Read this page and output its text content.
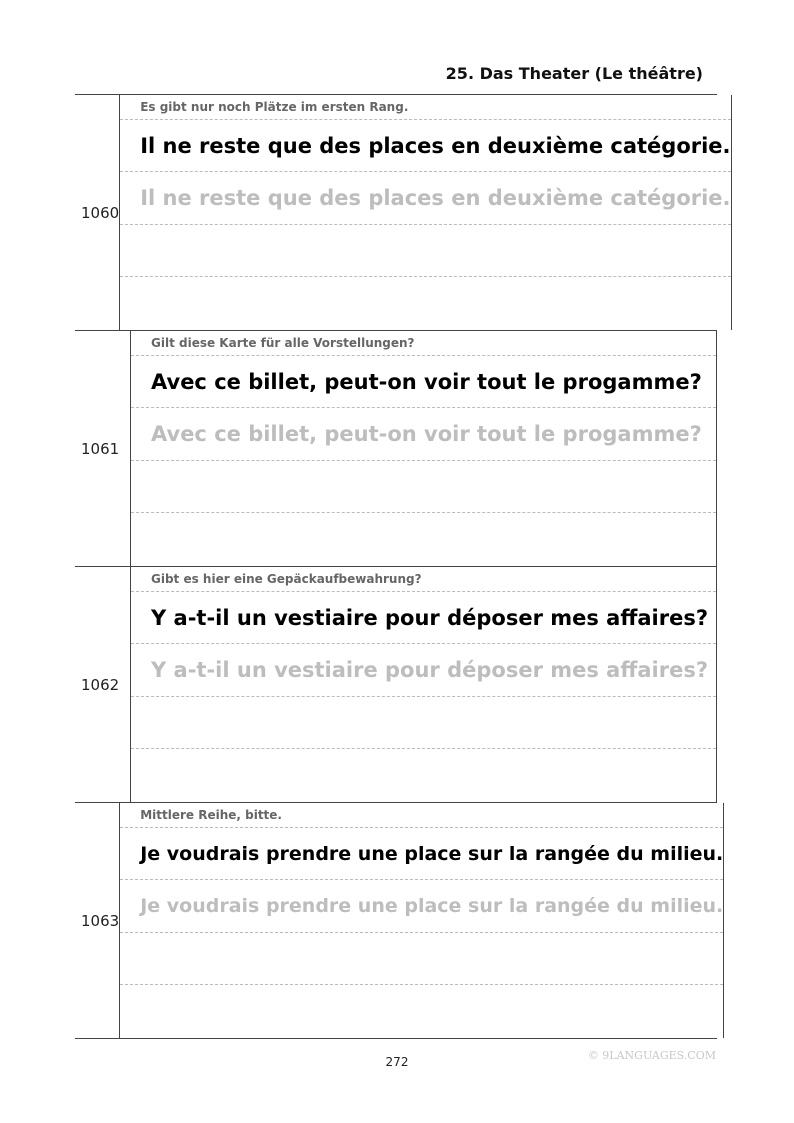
25. Das Theater (Le théâtre)
1060
Es gibt nur noch Plätze im ersten Rang.
Il ne reste que des places en deuxième catégorie.
Il ne reste que des places en deuxième catégorie.
1061
Gilt diese Karte für alle Vorstellungen?
Avec ce billet, peut-on voir tout le progamme?
Avec ce billet, peut-on voir tout le progamme?
1062
Gibt es hier eine Gepäckaufbewahrung?
Y a-t-il un vestiaire pour déposer mes affaires?
Y a-t-il un vestiaire pour déposer mes affaires?
1063
Mittlere Reihe, bitte.
Je voudrais prendre une place sur la rangée du milieu.
Je voudrais prendre une place sur la rangée du milieu.
272	© 9LANGUAGES.COM
